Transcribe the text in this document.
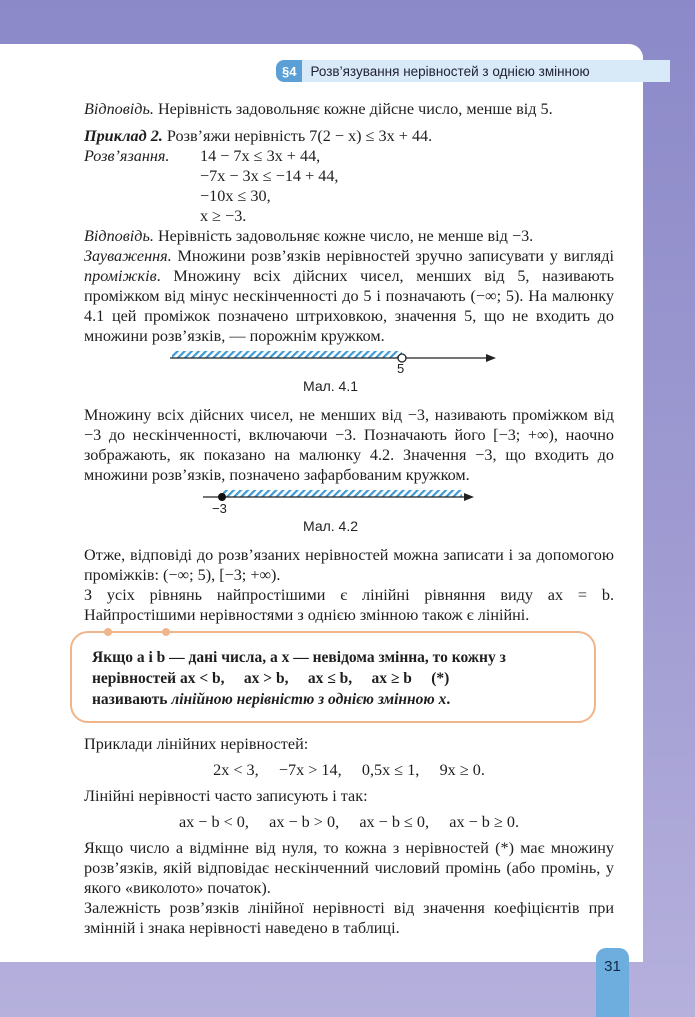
§4	Розв’язування нерівностей з однією змінною

Відповідь. Нерівність задовольняє кожне дійсне число, менше від 5.

Приклад 2. Розв’яжи нерівність 7(2 − x) ≤ 3x + 44.

Розв’язання.	14 − 7x ≤ 3x + 44,
−7x − 3x ≤ −14 + 44,
−10x ≤ 30,
x ≥ −3.

Відповідь. Нерівність задовольняє кожне число, не менше від −3.

Зауваження. Множини розв’язків нерівностей зручно записувати у вигляді проміжків. Множину всіх дійсних чисел, менших від 5, називають проміжком від мінус нескінченності до 5 і позначають (−∞; 5). На малюнку 4.1 цей проміжок позначено штриховкою, значення 5, що не входить до множини розв’язків, — порожнім кружком.

5
Мал. 4.1

Множину всіх дійсних чисел, не менших від −3, називають проміжком від −3 до нескінченності, включаючи −3. Позначають його [−3; +∞), наочно зображають, як показано на малюнку 4.2. Значення −3, що входить до множини розв’язків, позначено зафарбованим кружком.

−3
Мал. 4.2

Отже, відповіді до розв’язаних нерівностей можна записати і за допомогою проміжків: (−∞; 5), [−3; +∞).

З усіх рівнянь найпростішими є лінійні рівняння виду ax = b. Найпростішими нерівностями з однією змінною також є лінійні.

Якщо a і b — дані числа, а x — невідома змінна, то кожну з
нерівностей ax < b,     ax > b,     ax ≤ b,     ax ≥ b     (*)
називають лінійною нерівністю з однією змінною x.

Приклади лінійних нерівностей:

2x < 3,     −7x > 14,     0,5x ≤ 1,     9x ≥ 0.

Лінійні нерівності часто записують і так:

ax − b < 0,     ax − b > 0,     ax − b ≤ 0,     ax − b ≥ 0.

Якщо число a відмінне від нуля, то кожна з нерівностей (*) має множину розв’язків, якій відповідає нескінченний числовий промінь (або промінь, у якого «виколото» початок).

Залежність розв’язків лінійної нерівності від значення коефіцієнтів при змінній і знака нерівності наведено в таблиці.

31
